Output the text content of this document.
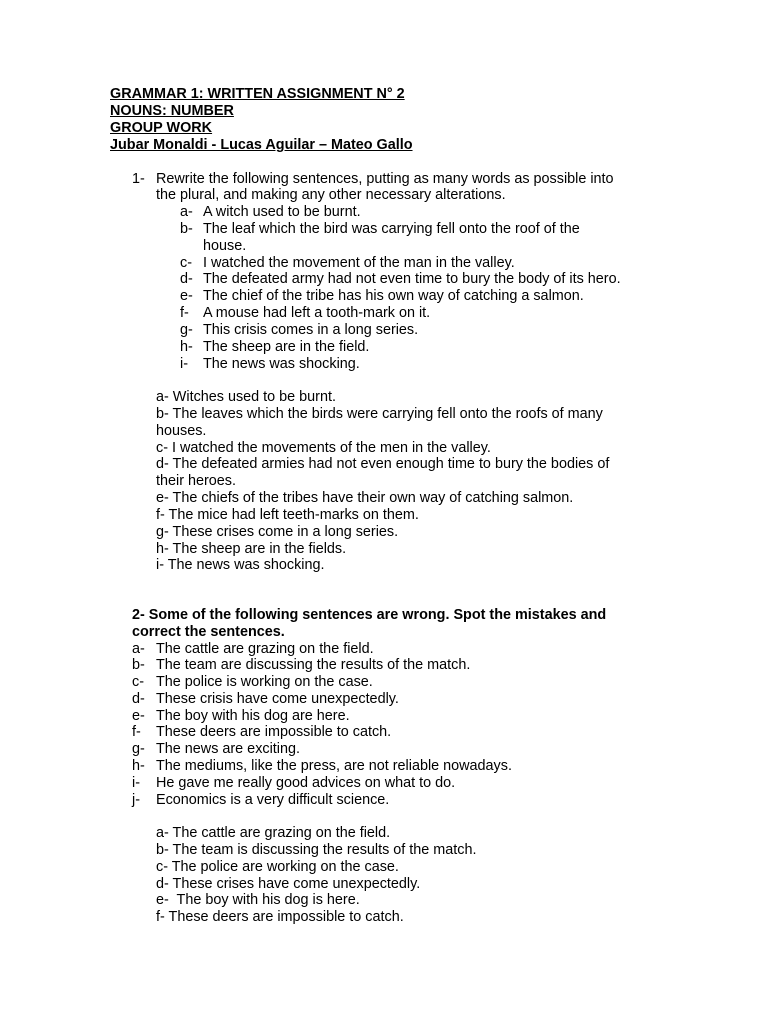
GRAMMAR 1: WRITTEN ASSIGNMENT N° 2
NOUNS: NUMBER
GROUP WORK
Jubar Monaldi - Lucas Aguilar – Mateo Gallo
1- Rewrite the following sentences, putting as many words as possible into
the plural, and making any other necessary alterations.
a- A witch used to be burnt.
b- The leaf which the bird was carrying fell onto the roof of the
house.
c- I watched the movement of the man in the valley.
d- The defeated army had not even time to bury the body of its hero.
e- The chief of the tribe has his own way of catching a salmon.
f- A mouse had left a tooth-mark on it.
g- This crisis comes in a long series.
h- The sheep are in the field.
i- The news was shocking.
a- Witches used to be burnt.
b- The leaves which the birds were carrying fell onto the roofs of many
houses.
c- I watched the movements of the men in the valley.
d- The defeated armies had not even enough time to bury the bodies of
their heroes.
e- The chiefs of the tribes have their own way of catching salmon.
f- The mice had left teeth-marks on them.
g- These crises come in a long series.
h- The sheep are in the fields.
i- The news was shocking.
2- Some of the following sentences are wrong. Spot the mistakes and
correct the sentences.
a- The cattle are grazing on the field.
b- The team are discussing the results of the match.
c- The police is working on the case.
d- These crisis have come unexpectedly.
e- The boy with his dog are here.
f- These deers are impossible to catch.
g- The news are exciting.
h- The mediums, like the press, are not reliable nowadays.
i- He gave me really good advices on what to do.
j- Economics is a very difficult science.
a- The cattle are grazing on the field.
b- The team is discussing the results of the match.
c- The police are working on the case.
d- These crises have come unexpectedly.
e-  The boy with his dog is here.
f- These deers are impossible to catch.
